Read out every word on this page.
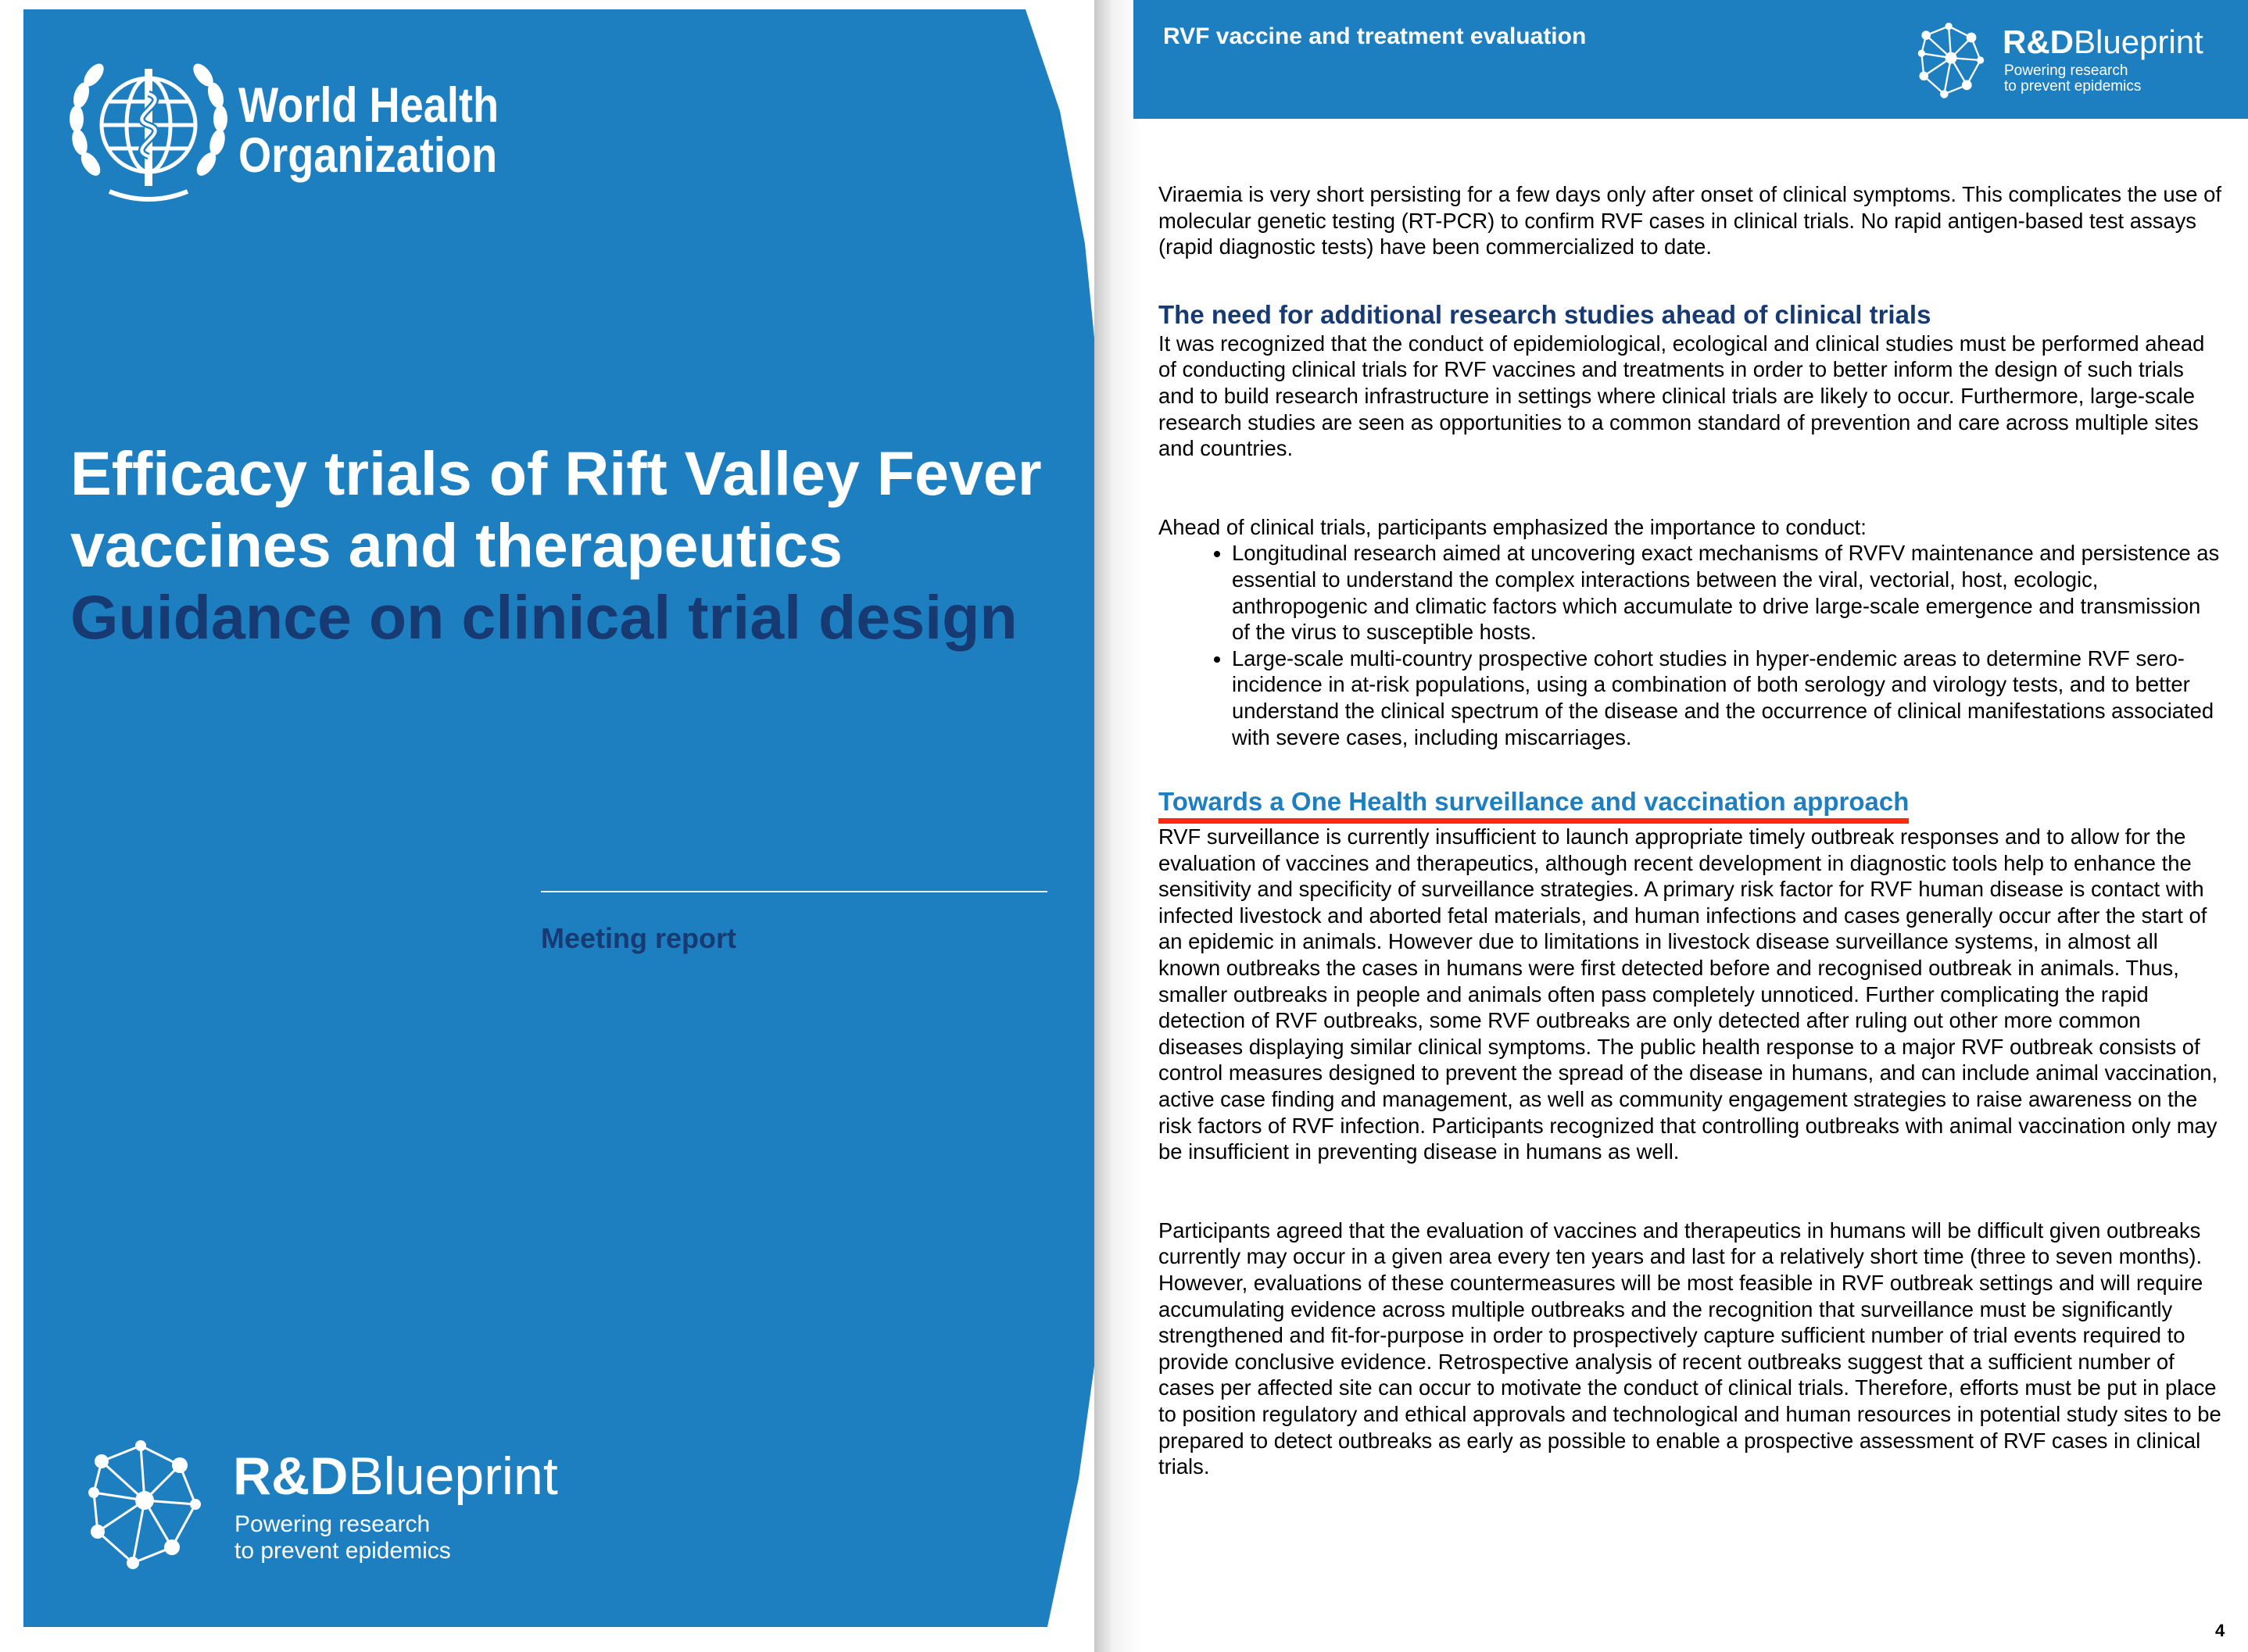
World Health
Organization
Efficacy trials of Rift Valley Fever
vaccines and therapeutics
Guidance on clinical trial design
Meeting report
R&DBlueprint
Powering research
to prevent epidemics
RVF vaccine and treatment evaluation	R&DBlueprint
Powering research
to prevent epidemics

Viraemia is very short persisting for a few days only after onset of clinical symptoms. This complicates the use of molecular genetic testing (RT-PCR) to confirm RVF cases in clinical trials. No rapid antigen-based test assays (rapid diagnostic tests) have been commercialized to date.

The need for additional research studies ahead of clinical trials

It was recognized that the conduct of epidemiological, ecological and clinical studies must be performed ahead of conducting clinical trials for RVF vaccines and treatments in order to better inform the design of such trials and to build research infrastructure in settings where clinical trials are likely to occur. Furthermore, large-scale research studies are seen as opportunities to a common standard of prevention and care across multiple sites and countries.

Ahead of clinical trials, participants emphasized the importance to conduct:

• Longitudinal research aimed at uncovering exact mechanisms of RVFV maintenance and persistence as essential to understand the complex interactions between the viral, vectorial, host, ecologic, anthropogenic and climatic factors which accumulate to drive large-scale emergence and transmission of the virus to susceptible hosts.
• Large-scale multi-country prospective cohort studies in hyper-endemic areas to determine RVF sero-incidence in at-risk populations, using a combination of both serology and virology tests, and to better understand the clinical spectrum of the disease and the occurrence of clinical manifestations associated with severe cases, including miscarriages.
Towards a One Health surveillance and vaccination approach

RVF surveillance is currently insufficient to launch appropriate timely outbreak responses and to allow for the evaluation of vaccines and therapeutics, although recent development in diagnostic tools help to enhance the sensitivity and specificity of surveillance strategies. A primary risk factor for RVF human disease is contact with infected livestock and aborted fetal materials, and human infections and cases generally occur after the start of an epidemic in animals. However due to limitations in livestock disease surveillance systems, in almost all known outbreaks the cases in humans were first detected before and recognised outbreak in animals. Thus, smaller outbreaks in people and animals often pass completely unnoticed. Further complicating the rapid detection of RVF outbreaks, some RVF outbreaks are only detected after ruling out other more common diseases displaying similar clinical symptoms. The public health response to a major RVF outbreak consists of control measures designed to prevent the spread of the disease in humans, and can include animal vaccination, active case finding and management, as well as community engagement strategies to raise awareness on the risk factors of RVF infection. Participants recognized that controlling outbreaks with animal vaccination only may be insufficient in preventing disease in humans as well.

Participants agreed that the evaluation of vaccines and therapeutics in humans will be difficult given outbreaks currently may occur in a given area every ten years and last for a relatively short time (three to seven months). However, evaluations of these countermeasures will be most feasible in RVF outbreak settings and will require accumulating evidence across multiple outbreaks and the recognition that surveillance must be significantly strengthened and fit-for-purpose in order to prospectively capture sufficient number of trial events required to provide conclusive evidence. Retrospective analysis of recent outbreaks suggest that a sufficient number of cases per affected site can occur to motivate the conduct of clinical trials. Therefore, efforts must be put in place to position regulatory and ethical approvals and technological and human resources in potential study sites to be prepared to detect outbreaks as early as possible to enable a prospective assessment of RVF cases in clinical trials.

4
